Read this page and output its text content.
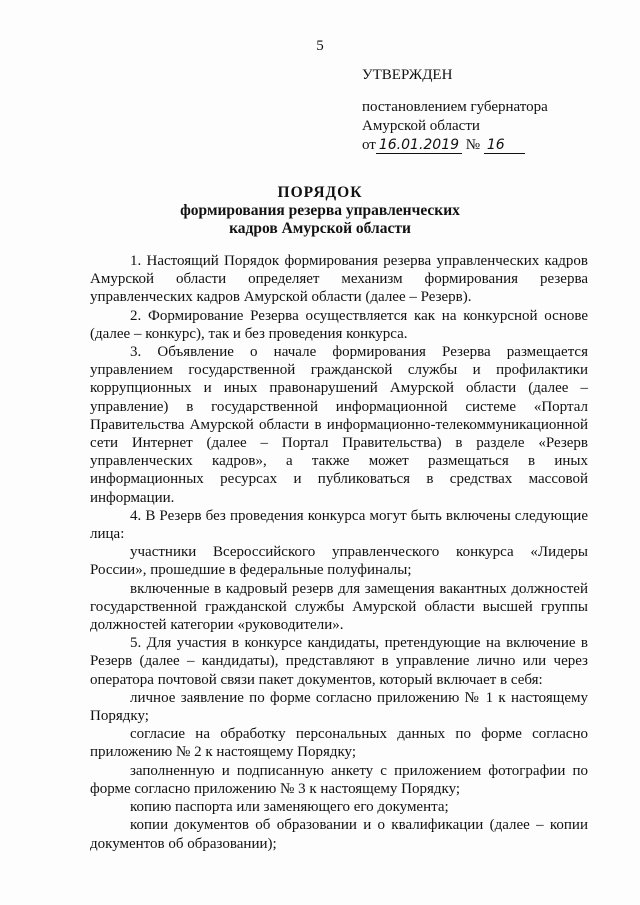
5
УТВЕРЖДЕН
постановлением губернатора
Амурской области
от 16.01.2019 № 16
ПОРЯДОК
формирования резерва управленческих
кадров Амурской области

1. Настоящий Порядок формирования резерва управленческих кадров Амурской области определяет механизм формирования резерва управленческих кадров Амурской области (далее – Резерв).

2. Формирование Резерва осуществляется как на конкурсной основе (далее – конкурс), так и без проведения конкурса.

3. Объявление о начале формирования Резерва размещается управлением государственной гражданской службы и профилактики коррупционных и иных правонарушений Амурской области (далее – управление) в государственной информационной системе «Портал Правительства Амурской области в информационно-телекоммуникационной сети Интернет (далее – Портал Правительства) в разделе «Резерв управленческих кадров», а также может размещаться в иных информационных ресурсах и публиковаться в средствах массовой информации.

4. В Резерв без проведения конкурса могут быть включены следующие лица:

участники Всероссийского управленческого конкурса «Лидеры России», прошедшие в федеральные полуфиналы;

включенные в кадровый резерв для замещения вакантных должностей государственной гражданской службы Амурской области высшей группы должностей категории «руководители».

5. Для участия в конкурсе кандидаты, претендующие на включение в Резерв (далее – кандидаты), представляют в управление лично или через оператора почтовой связи пакет документов, который включает в себя:

личное заявление по форме согласно приложению № 1 к настоящему Порядку;

согласие на обработку персональных данных по форме согласно приложению № 2 к настоящему Порядку;

заполненную и подписанную анкету с приложением фотографии по форме согласно приложению № 3 к настоящему Порядку;

копию паспорта или заменяющего его документа;

копии документов об образовании и о квалификации (далее – копии документов об образовании);
